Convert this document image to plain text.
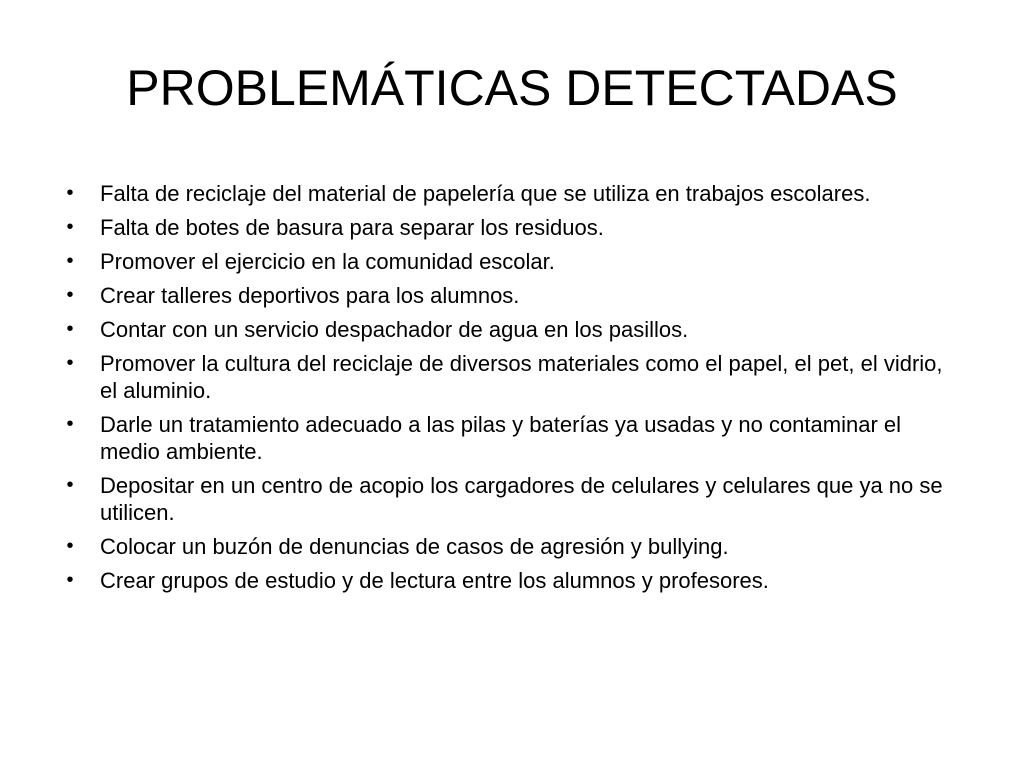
PROBLEMÁTICAS DETECTADAS
• Falta de reciclaje del material de papelería que se utiliza en trabajos escolares.
• Falta de botes de basura para separar los residuos.
• Promover el ejercicio en la comunidad escolar.
• Crear talleres deportivos para los alumnos.
• Contar con un servicio despachador de agua en los pasillos.
• Promover la cultura del reciclaje de diversos materiales como el papel, el pet, el vidrio, el aluminio.
• Darle un tratamiento adecuado a las pilas y baterías ya usadas y no contaminar el medio ambiente.
• Depositar en un centro de acopio los cargadores de celulares y celulares que ya no se utilicen.
• Colocar un buzón de denuncias de casos de agresión y bullying.
• Crear grupos de estudio y de lectura entre los alumnos y profesores.
